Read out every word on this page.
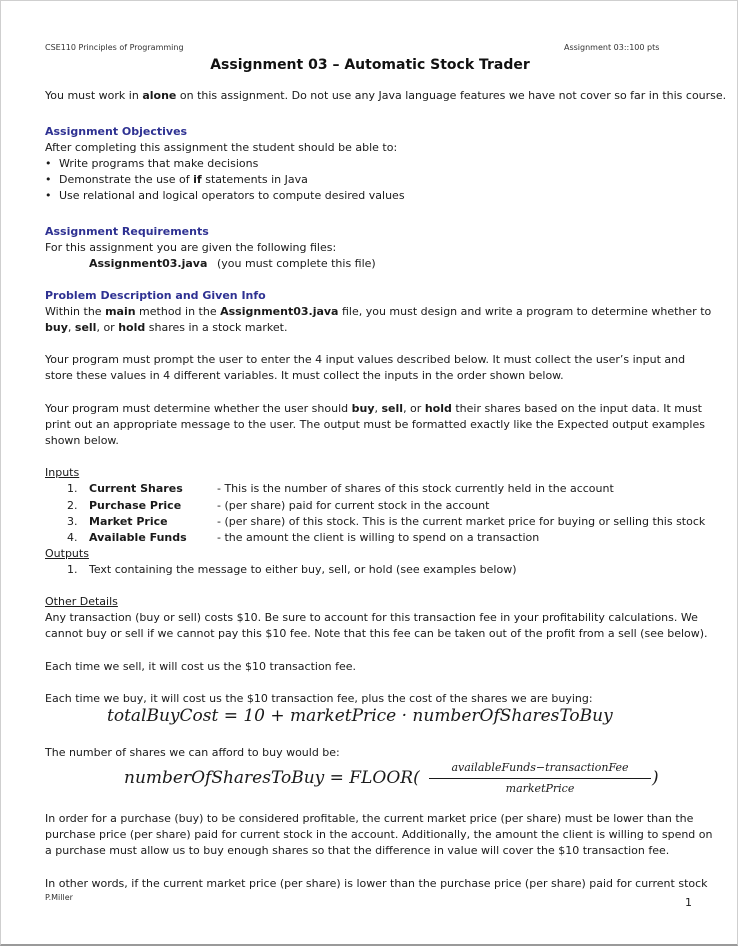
CSE110 Principles of Programming	Assignment 03::100 pts
Assignment 03 – Automatic Stock Trader
You must work in alone on this assignment. Do not use any Java language features we have not cover so far in this course.
Assignment Objectives
After completing this assignment the student should be able to:
• Write programs that make decisions
• Demonstrate the use of if statements in Java
• Use relational and logical operators to compute desired values
Assignment Requirements
For this assignment you are given the following files:
Assignment03.java (you must complete this file)
Problem Description and Given Info
Within the main method in the Assignment03.java file, you must design and write a program to determine whether to
buy, sell, or hold shares in a stock market.
Your program must prompt the user to enter the 4 input values described below. It must collect the user’s input and
store these values in 4 different variables. It must collect the inputs in the order shown below.
Your program must determine whether the user should buy, sell, or hold their shares based on the input data. It must
print out an appropriate message to the user. The output must be formatted exactly like the Expected output examples
shown below.
Inputs
1. Current Shares	- This is the number of shares of this stock currently held in the account
2. Purchase Price	- (per share) paid for current stock in the account
3. Market Price	- (per share) of this stock. This is the current market price for buying or selling this stock
4. Available Funds	- the amount the client is willing to spend on a transaction
Outputs
1. Text containing the message to either buy, sell, or hold (see examples below)
Other Details
Any transaction (buy or sell) costs $10. Be sure to account for this transaction fee in your profitability calculations. We
cannot buy or sell if we cannot pay this $10 fee. Note that this fee can be taken out of the profit from a sell (see below).
Each time we sell, it will cost us the $10 transaction fee.
Each time we buy, it will cost us the $10 transaction fee, plus the cost of the shares we are buying:
totalBuyCost = 10 + marketPrice · numberOfSharesToBuy
The number of shares we can afford to buy would be:
numberOfSharesToBuy = FLOOR(
availableFunds−transactionFee
marketPrice
)
In order for a purchase (buy) to be considered profitable, the current market price (per share) must be lower than the
purchase price (per share) paid for current stock in the account. Additionally, the amount the client is willing to spend on
a purchase must allow us to buy enough shares so that the difference in value will cover the $10 transaction fee.
In other words, if the current market price (per share) is lower than the purchase price (per share) paid for current stock
P.Miller	1
